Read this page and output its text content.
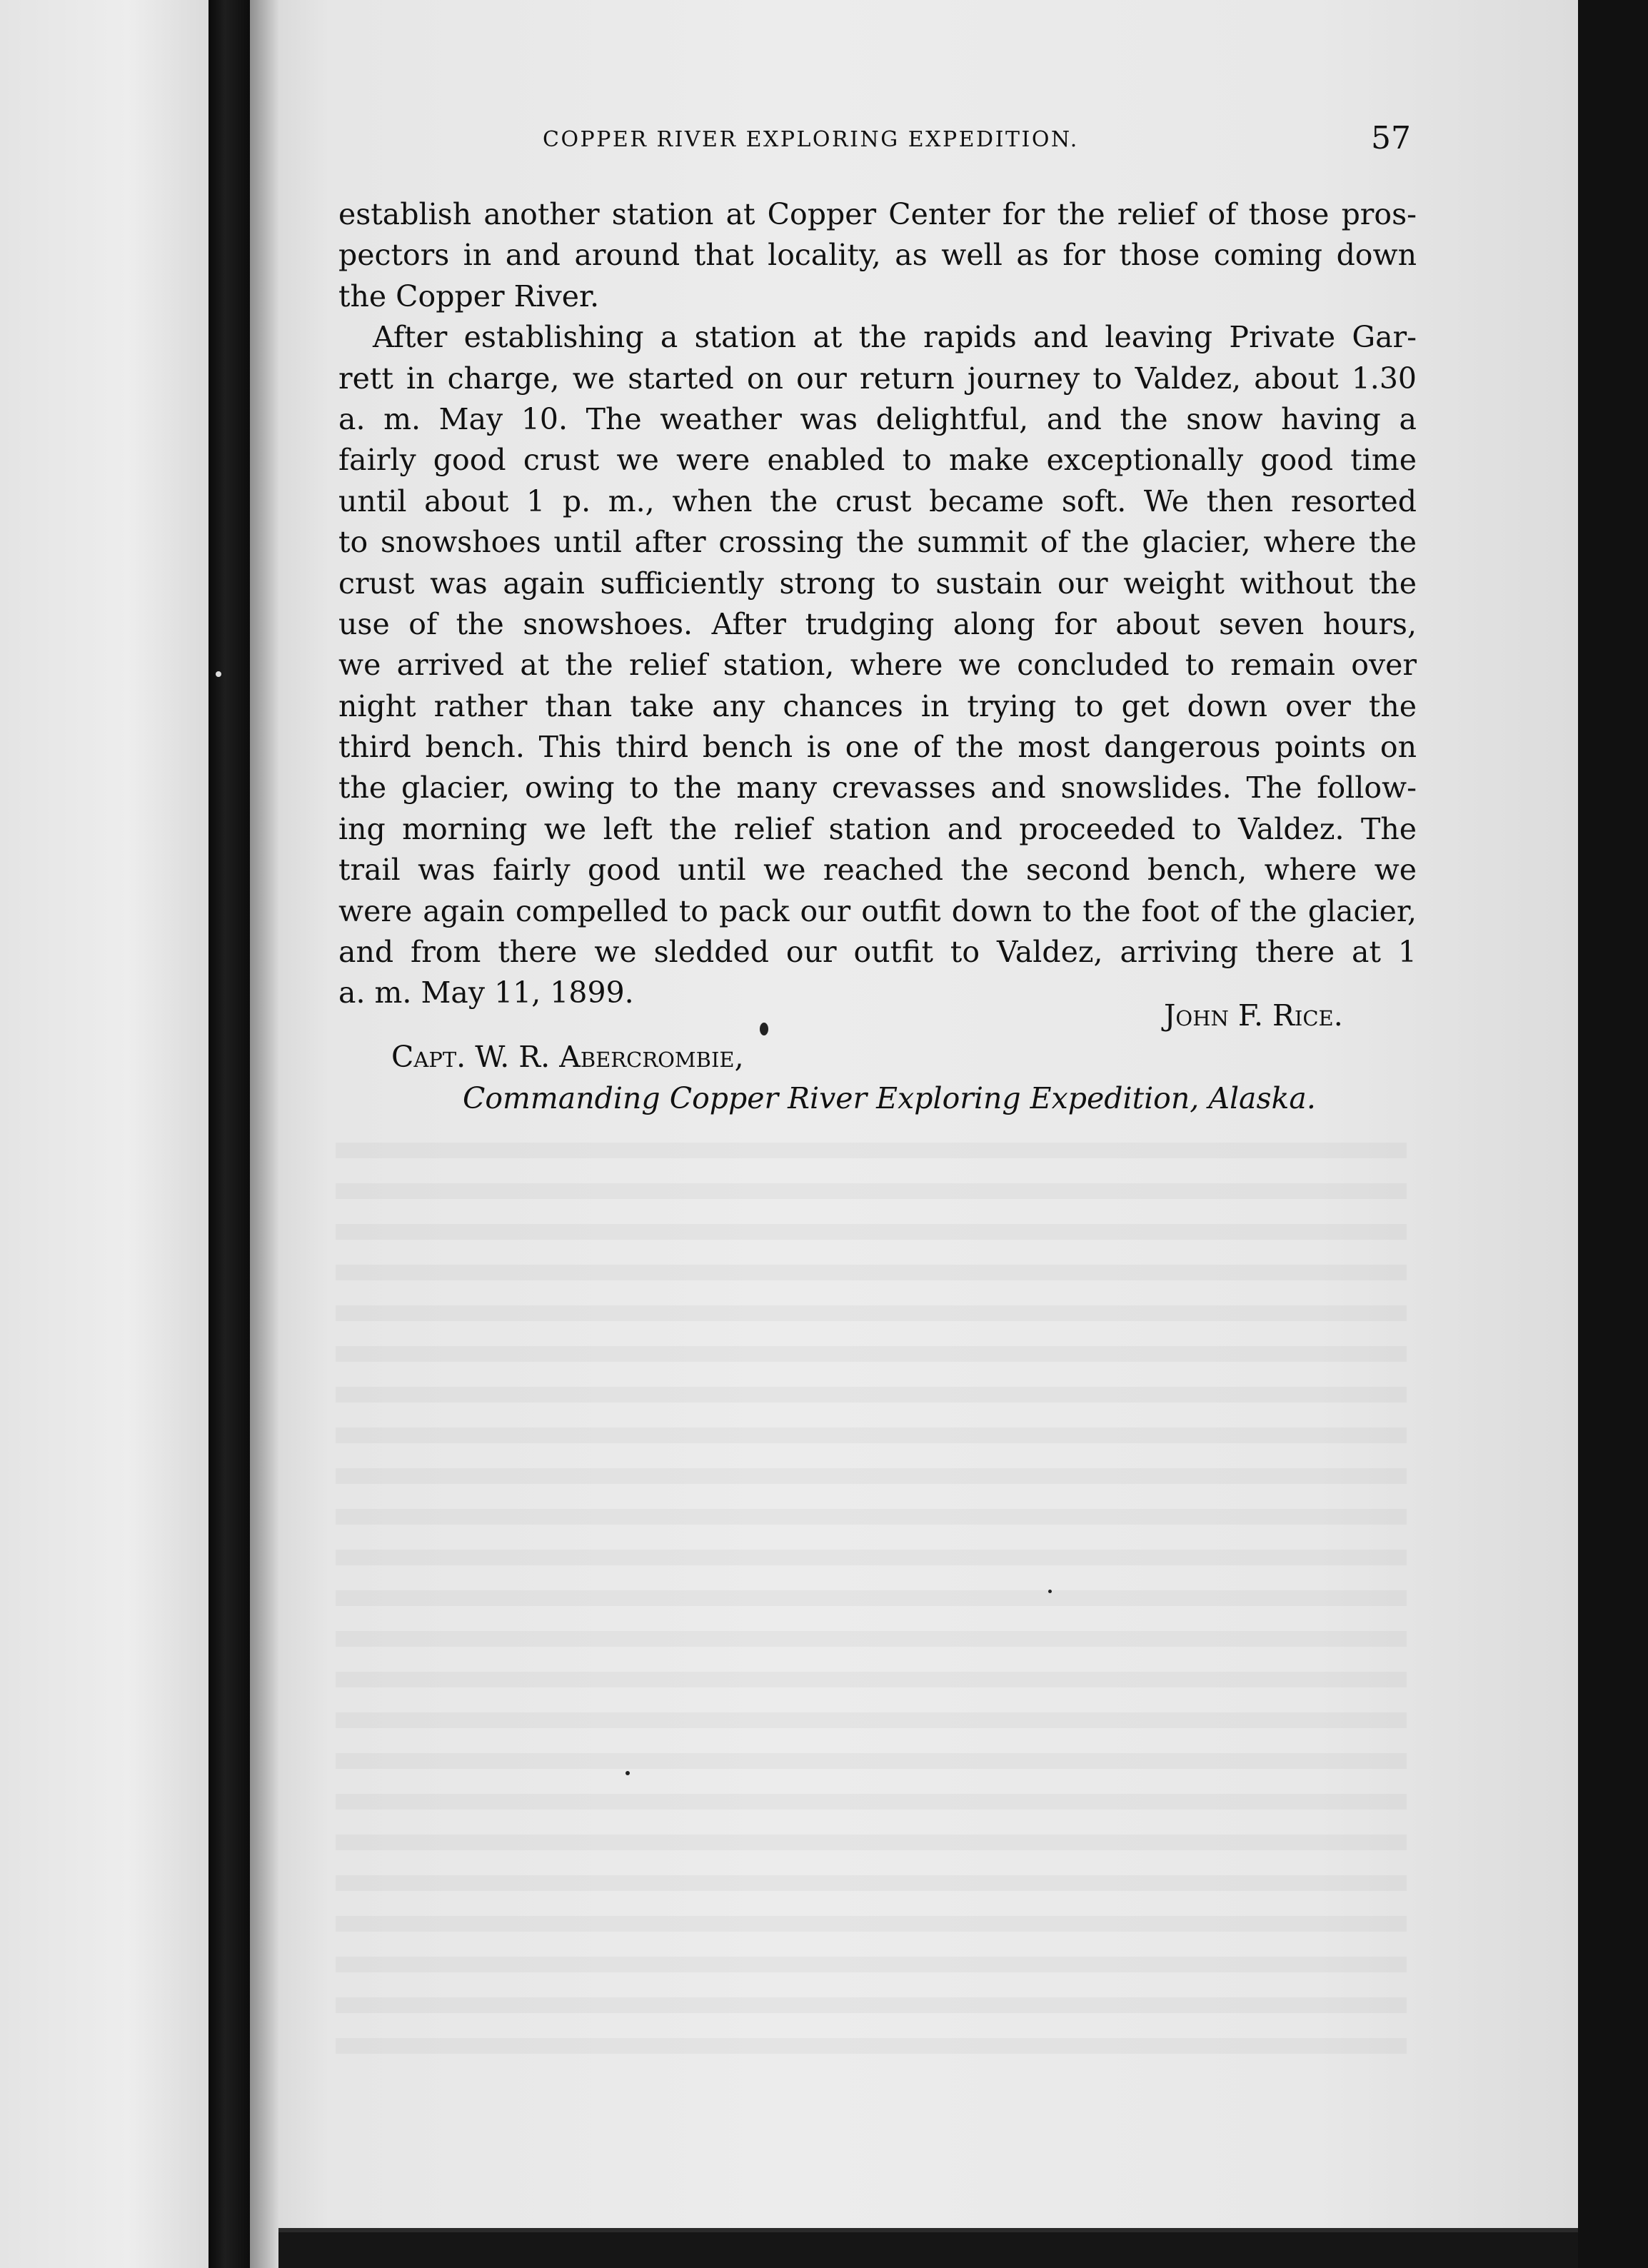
COPPER RIVER EXPLORING EXPEDITION.	57
establish another station at Copper Center for the relief of those pros-
pectors in and around that locality, as well as for those coming down
the Copper River.
After establishing a station at the rapids and leaving Private Gar-
rett in charge, we started on our return journey to Valdez, about 1.30
a. m. May 10. The weather was delightful, and the snow having a
fairly good crust we were enabled to make exceptionally good time
until about 1 p. m., when the crust became soft. We then resorted
to snowshoes until after crossing the summit of the glacier, where the
crust was again sufficiently strong to sustain our weight without the
use of the snowshoes. After trudging along for about seven hours,
we arrived at the relief station, where we concluded to remain over
night rather than take any chances in trying to get down over the
third bench. This third bench is one of the most dangerous points on
the glacier, owing to the many crevasses and snowslides. The follow-
ing morning we left the relief station and proceeded to Valdez. The
trail was fairly good until we reached the second bench, where we
were again compelled to pack our outfit down to the foot of the glacier,
and from there we sledded our outfit to Valdez, arriving there at 1
a. m. May 11, 1899.
John F. Rice.
Capt. W. R. Abercrombie,
Commanding Copper River Exploring Expedition, Alaska.
